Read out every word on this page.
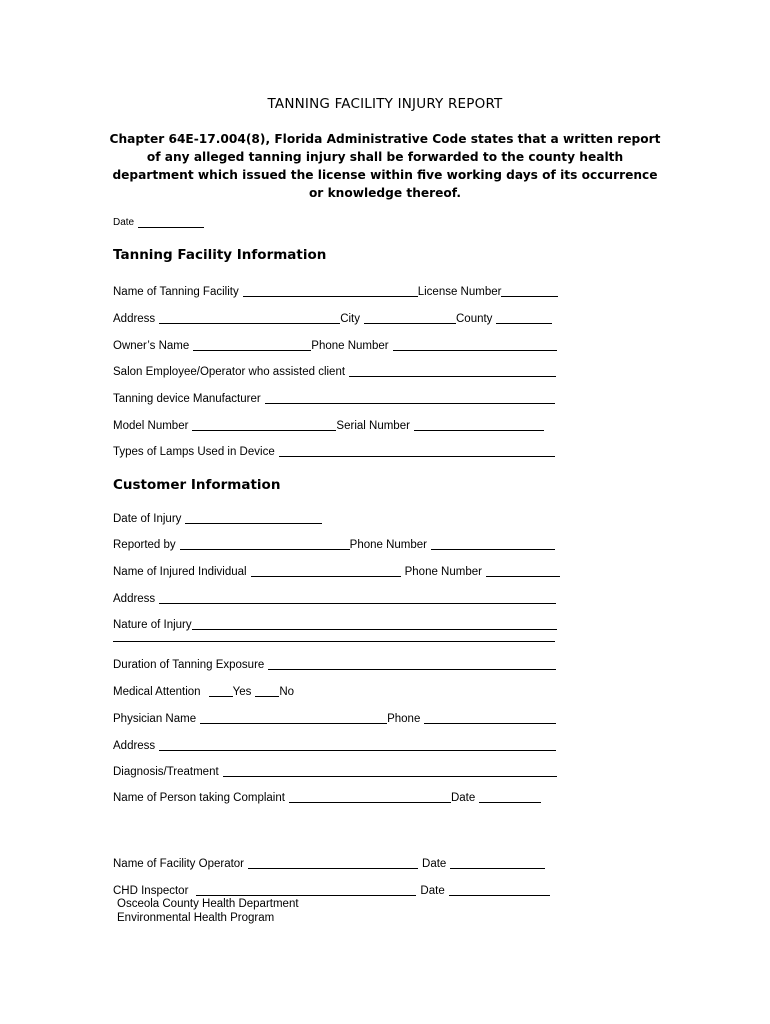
TANNING FACILITY INJURY REPORT
Chapter 64E-17.004(8), Florida Administrative Code states that a written report of any alleged tanning injury shall be forwarded to the county health department which issued the license within five working days of its occurrence or knowledge thereof.
Date
Tanning Facility Information
Name of Tanning Facility	License Number
Address	City	County
Owner’s Name	Phone Number
Salon Employee/Operator who assisted client
Tanning device Manufacturer
Model Number	Serial Number
Types of Lamps Used in Device
Customer Information
Date of Injury
Reported by	Phone Number
Name of Injured Individual	Phone Number
Address
Nature of Injury
Duration of Tanning Exposure
Medical Attention	Yes No
Physician Name	Phone
Address
Diagnosis/Treatment
Name of Person taking Complaint	Date
Name of Facility Operator	Date
CHD Inspector	Date
Osceola County Health Department
Environmental Health Program
